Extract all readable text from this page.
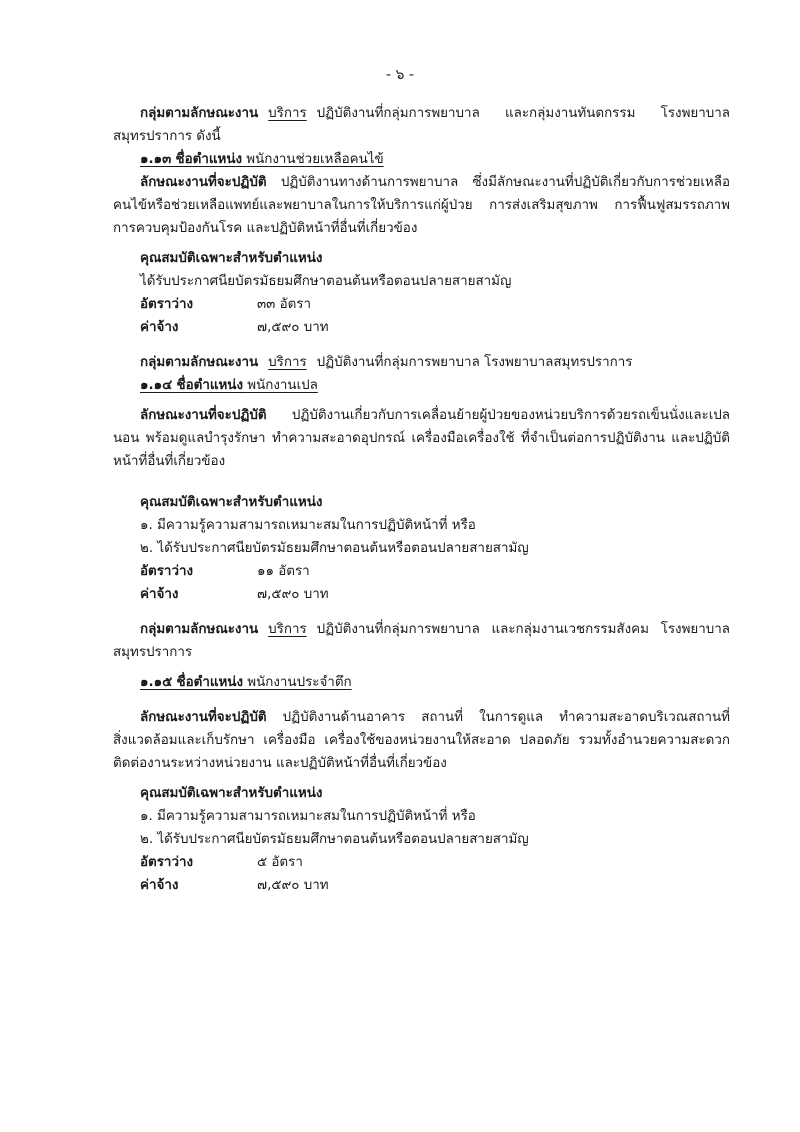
- ๖ -

กลุ่มตามลักษณะงาน บริการ ปฏิบัติงานที่กลุ่มการพยาบาล และกลุ่มงานทันตกรรม โรงพยาบาล

สมุทรปราการ ดังนี้

๑.๑๓ ชื่อตำแหน่ง พนักงานช่วยเหลือคนไข้

ลักษณะงานที่จะปฏิบัติ ปฏิบัติงานทางด้านการพยาบาล ซึ่งมีลักษณะงานที่ปฏิบัติเกี่ยวกับการช่วยเหลือ

คนไข้หรือช่วยเหลือแพทย์และพยาบาลในการให้บริการแก่ผู้ป่วย การส่งเสริมสุขภาพ การฟื้นฟูสมรรถภาพ

การควบคุมป้องกันโรค และปฏิบัติหน้าที่อื่นที่เกี่ยวข้อง

คุณสมบัติเฉพาะสำหรับตำแหน่ง

ได้รับประกาศนียบัตรมัธยมศึกษาตอนต้นหรือตอนปลายสายสามัญ

อัตราว่าง	๓๓ อัตรา
ค่าจ้าง	๗,๕๙๐ บาท

กลุ่มตามลักษณะงาน บริการ ปฏิบัติงานที่กลุ่มการพยาบาล โรงพยาบาลสมุทรปราการ

๑.๑๔ ชื่อตำแหน่ง พนักงานเปล

ลักษณะงานที่จะปฏิบัติ ปฏิบัติงานเกี่ยวกับการเคลื่อนย้ายผู้ป่วยของหน่วยบริการด้วยรถเข็นนั่งและเปล

นอน พร้อมดูแลบำรุงรักษา ทำความสะอาดอุปกรณ์ เครื่องมือเครื่องใช้ ที่จำเป็นต่อการปฏิบัติงาน และปฏิบัติ

หน้าที่อื่นที่เกี่ยวข้อง

คุณสมบัติเฉพาะสำหรับตำแหน่ง

๑. มีความรู้ความสามารถเหมาะสมในการปฏิบัติหน้าที่ หรือ

๒. ได้รับประกาศนียบัตรมัธยมศึกษาตอนต้นหรือตอนปลายสายสามัญ

อัตราว่าง	๑๑ อัตรา
ค่าจ้าง	๗,๕๙๐ บาท

กลุ่มตามลักษณะงาน บริการ ปฏิบัติงานที่กลุ่มการพยาบาล และกลุ่มงานเวชกรรมสังคม โรงพยาบาล

สมุทรปราการ

๑.๑๕ ชื่อตำแหน่ง พนักงานประจำตึก

ลักษณะงานที่จะปฏิบัติ ปฏิบัติงานด้านอาคาร สถานที่ ในการดูแล ทำความสะอาดบริเวณสถานที่

สิ่งแวดล้อมและเก็บรักษา เครื่องมือ เครื่องใช้ของหน่วยงานให้สะอาด ปลอดภัย รวมทั้งอำนวยความสะดวก

ติดต่องานระหว่างหน่วยงาน และปฏิบัติหน้าที่อื่นที่เกี่ยวข้อง

คุณสมบัติเฉพาะสำหรับตำแหน่ง

๑. มีความรู้ความสามารถเหมาะสมในการปฏิบัติหน้าที่ หรือ

๒. ได้รับประกาศนียบัตรมัธยมศึกษาตอนต้นหรือตอนปลายสายสามัญ

อัตราว่าง	๕ อัตรา
ค่าจ้าง	๗,๕๙๐ บาท
